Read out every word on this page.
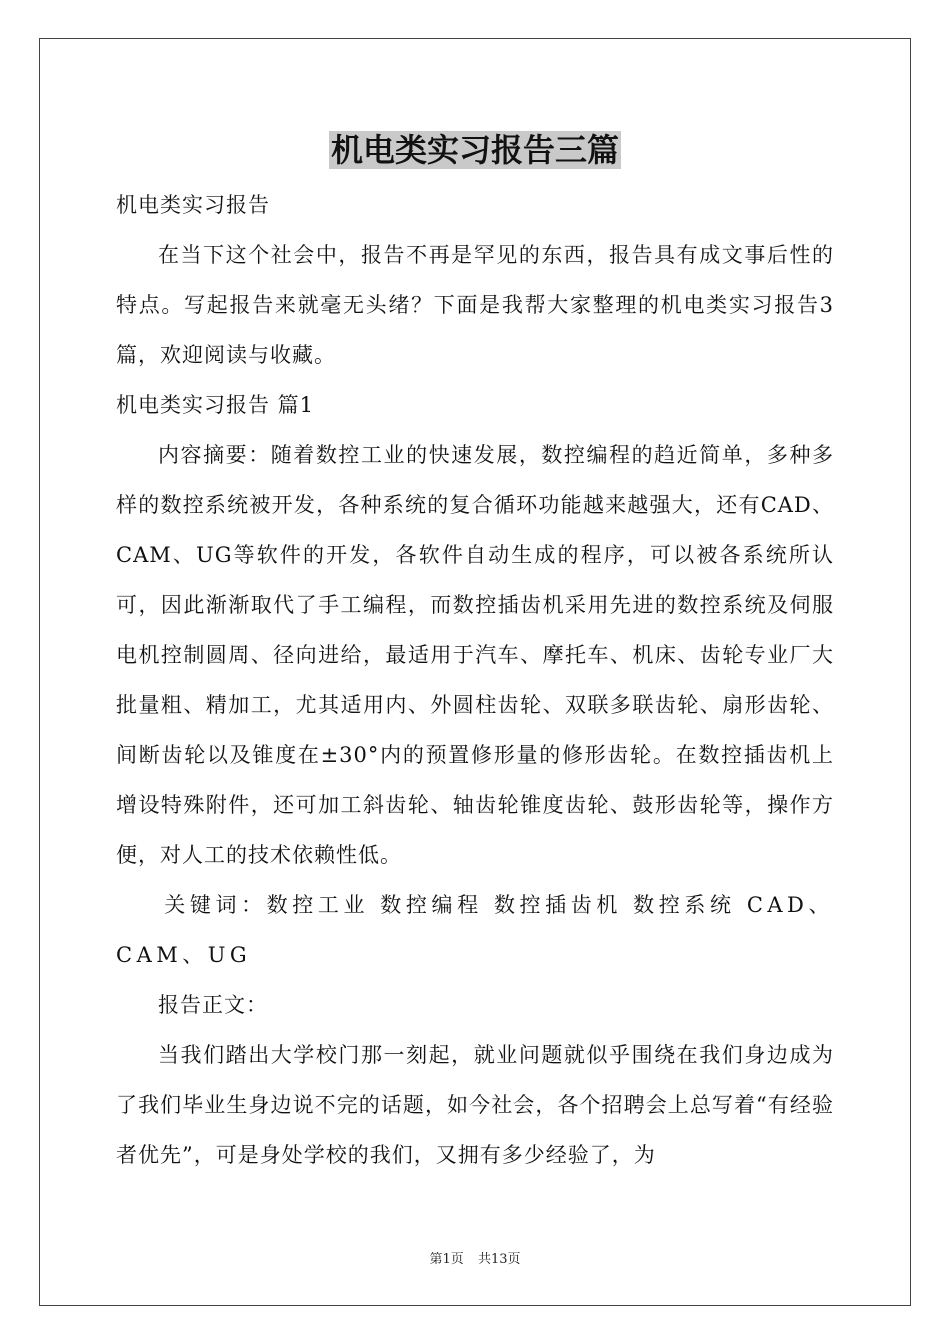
机电类实习报告三篇

机电类实习报告

在当下这个社会中，报告不再是罕见的东西，报告具有成文事后性的特点。写起报告来就毫无头绪？下面是我帮大家整理的机电类实习报告3篇，欢迎阅读与收藏。

机电类实习报告 篇1

内容摘要：随着数控工业的快速发展，数控编程的趋近简单，多种多样的数控系统被开发，各种系统的复合循环功能越来越强大，还有CAD、CAM、UG等软件的开发，各软件自动生成的程序，可以被各系统所认可，因此渐渐取代了手工编程，而数控插齿机采用先进的数控系统及伺服电机控制圆周、径向进给，最适用于汽车、摩托车、机床、齿轮专业厂大批量粗、精加工，尤其适用内、外圆柱齿轮、双联多联齿轮、扇形齿轮、间断齿轮以及锥度在±30°内的预置修形量的修形齿轮。在数控插齿机上增设特殊附件，还可加工斜齿轮、轴齿轮锥度齿轮、鼓形齿轮等，操作方便，对人工的技术依赖性低。

关键词：数控工业 数控编程 数控插齿机 数控系统 CAD、CAM、UG

报告正文：

当我们踏出大学校门那一刻起，就业问题就似乎围绕在我们身边成为了我们毕业生身边说不完的话题，如今社会，各个招聘会上总写着“有经验者优先”，可是身处学校的我们，又拥有多少经验了，为

第1页 共13页
